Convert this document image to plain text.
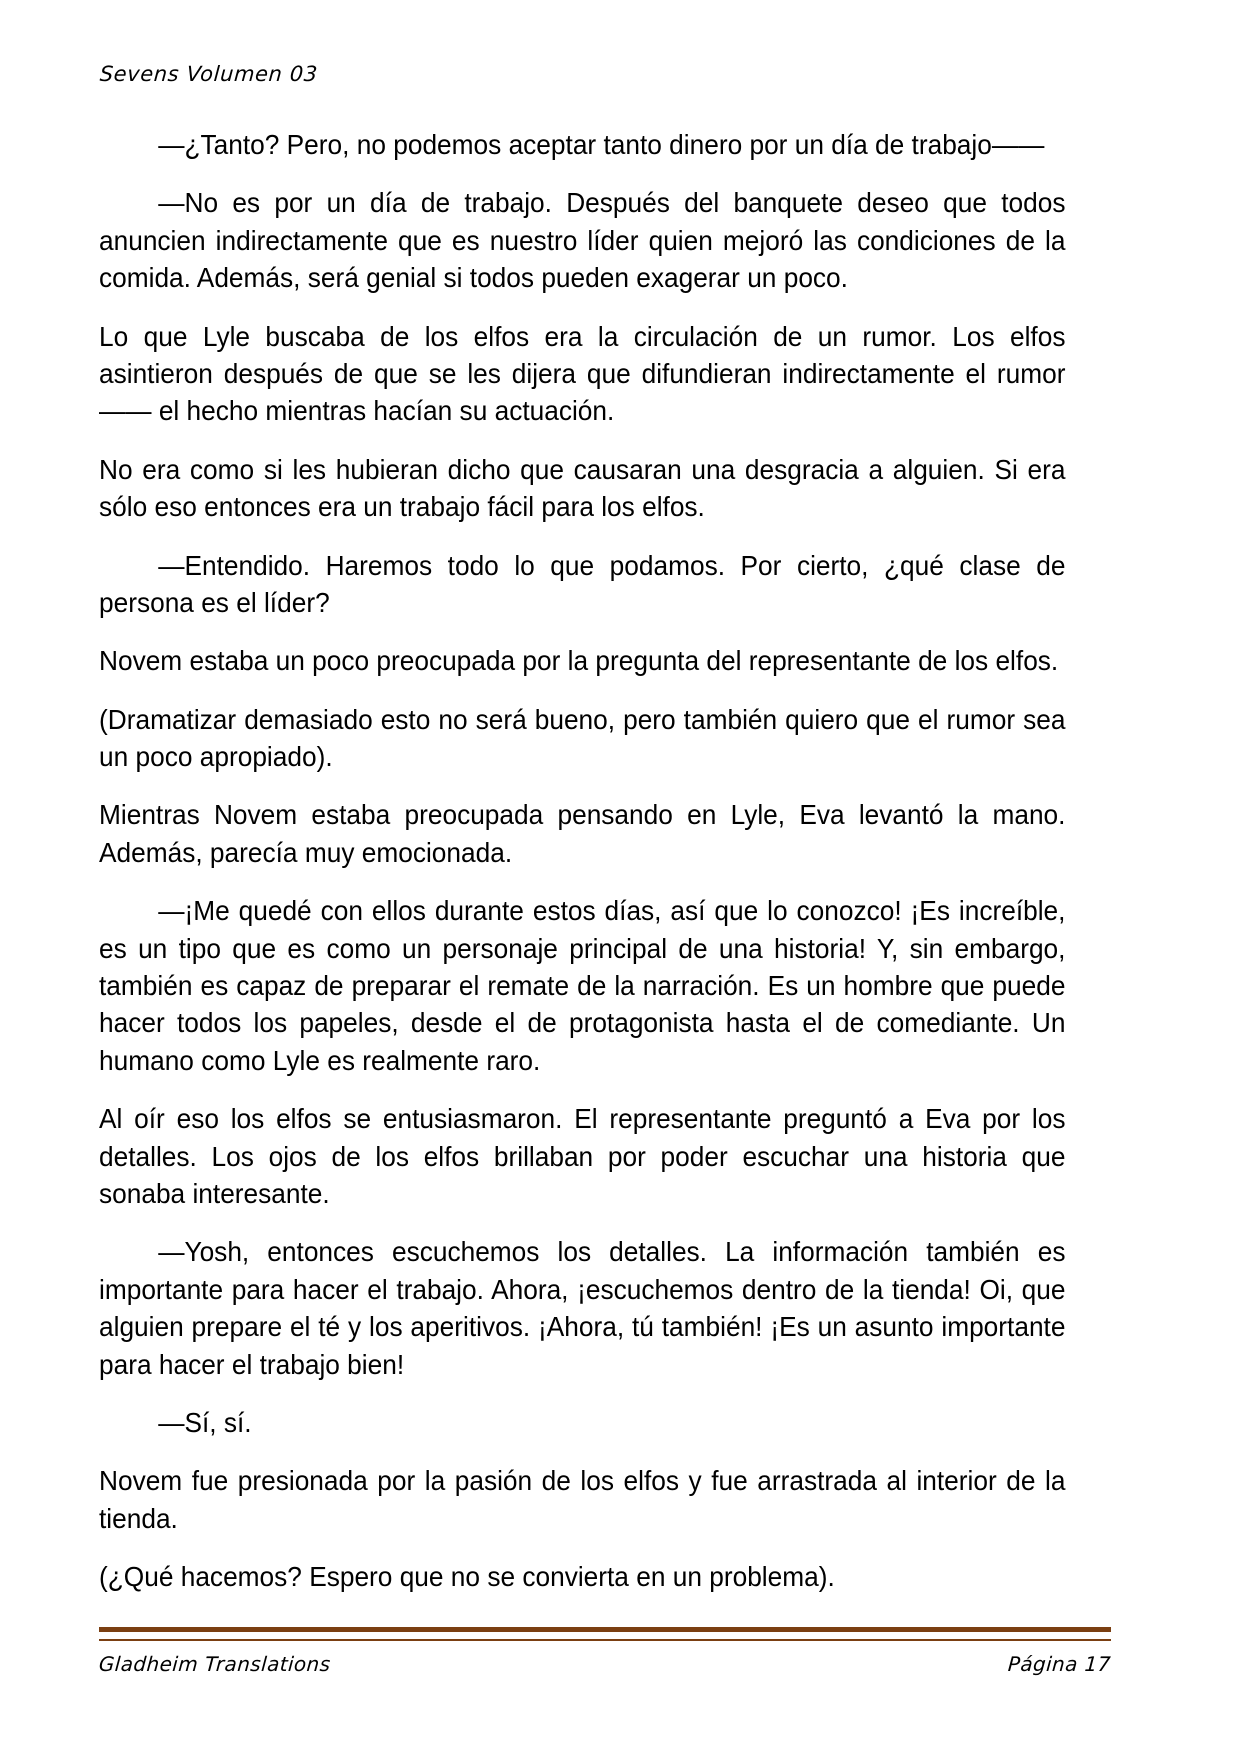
Sevens Volumen 03

—¿Tanto? Pero, no podemos aceptar tanto dinero por un día de trabajo——

—No es por un día de trabajo. Después del banquete deseo que todos anuncien indirectamente que es nuestro líder quien mejoró las condiciones de la comida. Además, será genial si todos pueden exagerar un poco.

Lo que Lyle buscaba de los elfos era la circulación de un rumor. Los elfos asintieron después de que se les dijera que difundieran indirectamente el rumor—— el hecho mientras hacían su actuación.

No era como si les hubieran dicho que causaran una desgracia a alguien. Si era sólo eso entonces era un trabajo fácil para los elfos.

—Entendido. Haremos todo lo que podamos. Por cierto, ¿qué clase de persona es el líder?

Novem estaba un poco preocupada por la pregunta del representante de los elfos.

(Dramatizar demasiado esto no será bueno, pero también quiero que el rumor sea un poco apropiado).

Mientras Novem estaba preocupada pensando en Lyle, Eva levantó la mano. Además, parecía muy emocionada.

—¡Me quedé con ellos durante estos días, así que lo conozco! ¡Es increíble, es un tipo que es como un personaje principal de una historia! Y, sin embargo, también es capaz de preparar el remate de la narración. Es un hombre que puede hacer todos los papeles, desde el de protagonista hasta el de comediante. Un humano como Lyle es realmente raro.

Al oír eso los elfos se entusiasmaron. El representante preguntó a Eva por los detalles. Los ojos de los elfos brillaban por poder escuchar una historia que sonaba interesante.

—Yosh, entonces escuchemos los detalles. La información también es importante para hacer el trabajo. Ahora, ¡escuchemos dentro de la tienda! Oi, que alguien prepare el té y los aperitivos. ¡Ahora, tú también! ¡Es un asunto importante para hacer el trabajo bien!

—Sí, sí.

Novem fue presionada por la pasión de los elfos y fue arrastrada al interior de la tienda.

(¿Qué hacemos? Espero que no se convierta en un problema).

Gladheim Translations	Página 17
